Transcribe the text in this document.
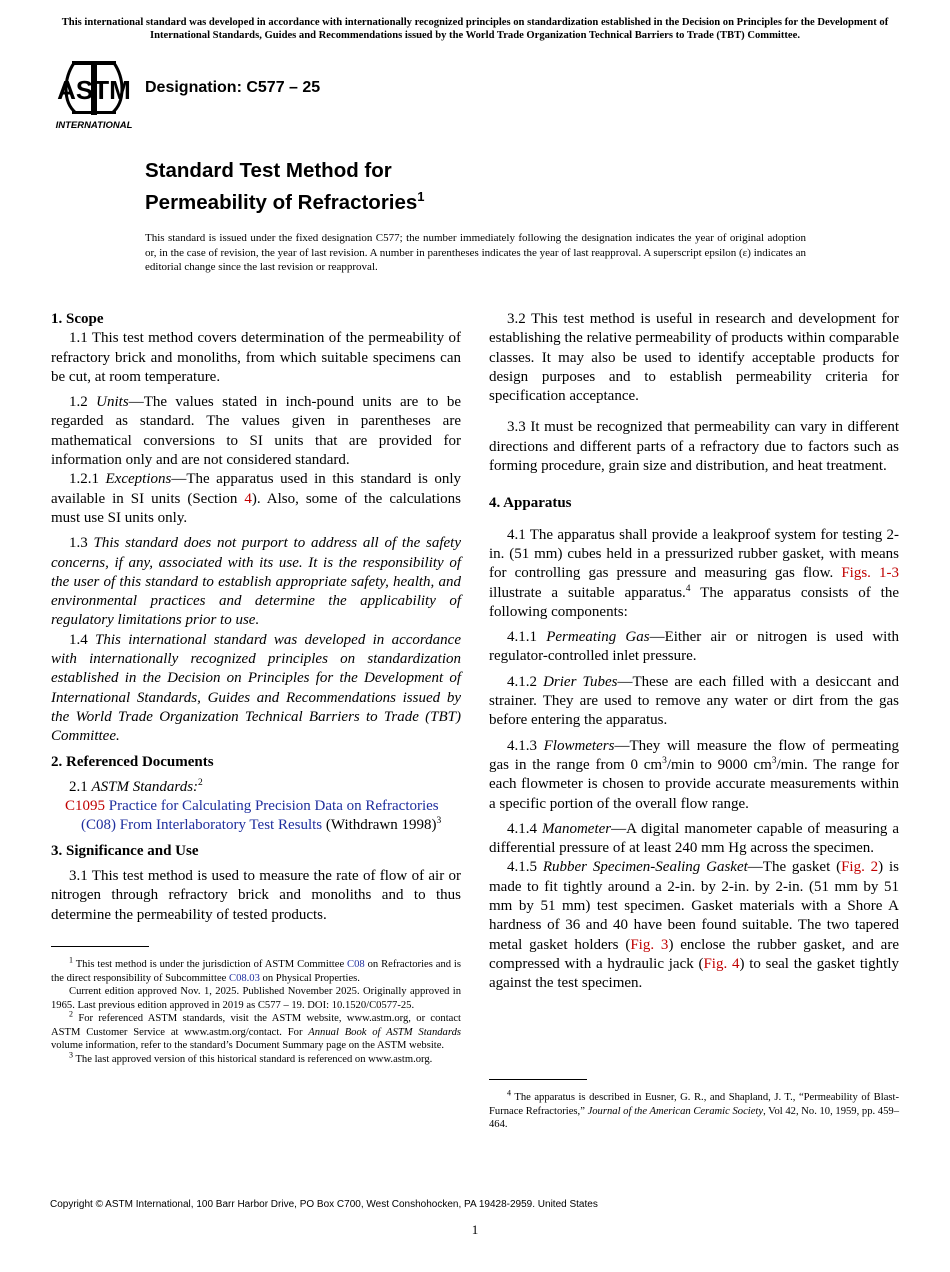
This international standard was developed in accordance with internationally recognized principles on standardization established in the Decision on Principles for the Development of International Standards, Guides and Recommendations issued by the World Trade Organization Technical Barriers to Trade (TBT) Committee.
ASTM
INTERNATIONAL
Designation: C577 – 25
Standard Test Method for
Permeability of Refractories$^1$
This standard is issued under the fixed designation C577; the number immediately following the designation indicates the year of original adoption or, in the case of revision, the year of last revision. A number in parentheses indicates the year of last reapproval. A superscript epsilon (ε) indicates an editorial change since the last revision or reapproval.
1. Scope

1.1 This test method covers determination of the permeability of refractory brick and monoliths, from which suitable specimens can be cut, at room temperature.

1.2 Units—The values stated in inch-pound units are to be regarded as standard. The values given in parentheses are mathematical conversions to SI units that are provided for information only and are not considered standard.

1.2.1 Exceptions—The apparatus used in this standard is only available in SI units (Section 4). Also, some of the calculations must use SI units only.

1.3 This standard does not purport to address all of the safety concerns, if any, associated with its use. It is the responsibility of the user of this standard to establish appropriate safety, health, and environmental practices and determine the applicability of regulatory limitations prior to use.

1.4 This international standard was developed in accordance with internationally recognized principles on standardization established in the Decision on Principles for the Development of International Standards, Guides and Recommendations issued by the World Trade Organization Technical Barriers to Trade (TBT) Committee.

2. Referenced Documents

2.1 ASTM Standards:$^2$

C1095 Practice for Calculating Precision Data on Refractories (C08) From Interlaboratory Test Results (Withdrawn 1998)$^3$

3. Significance and Use

3.1 This test method is used to measure the rate of flow of air or nitrogen through refractory brick and monoliths and to thus determine the permeability of tested products.

$^1$ This test method is under the jurisdiction of ASTM Committee C08 on Refractories and is the direct responsibility of Subcommittee C08.03 on Physical Properties.

Current edition approved Nov. 1, 2025. Published November 2025. Originally approved in 1965. Last previous edition approved in 2019 as C577 – 19. DOI: 10.1520/C0577-25.

$^2$ For referenced ASTM standards, visit the ASTM website, www.astm.org, or contact ASTM Customer Service at www.astm.org/contact. For Annual Book of ASTM Standards volume information, refer to the standard’s Document Summary page on the ASTM website.

$^3$ The last approved version of this historical standard is referenced on www.astm.org.

3.2 This test method is useful in research and development for establishing the relative permeability of products within comparable classes. It may also be used to identify acceptable products for design purposes and to establish permeability criteria for specification acceptance.

3.3 It must be recognized that permeability can vary in different directions and different parts of a refractory due to factors such as forming procedure, grain size and distribution, and heat treatment.

4. Apparatus

4.1 The apparatus shall provide a leakproof system for testing 2-in. (51 mm) cubes held in a pressurized rubber gasket, with means for controlling gas pressure and measuring gas flow. Figs. 1-3 illustrate a suitable apparatus.$^4$ The apparatus consists of the following components:

4.1.1 Permeating Gas—Either air or nitrogen is used with regulator-controlled inlet pressure.

4.1.2 Drier Tubes—These are each filled with a desiccant and strainer. They are used to remove any water or dirt from the gas before entering the apparatus.

4.1.3 Flowmeters—They will measure the flow of permeating gas in the range from 0 $cm^3/\min$ to 9000 $cm^3/\min$. The range for each flowmeter is chosen to provide accurate measurements within a specific portion of the overall flow range.

4.1.4 Manometer—A digital manometer capable of measuring a differential pressure of at least 240 mm Hg across the specimen.

4.1.5 Rubber Specimen-Sealing Gasket—The gasket (Fig. 2) is made to fit tightly around a 2-in. by 2-in. by 2-in. (51 mm by 51 mm by 51 mm) test specimen. Gasket materials with a Shore A hardness of 36 and 40 have been found suitable. The two tapered metal gasket holders (Fig. 3) enclose the rubber gasket, and are compressed with a hydraulic jack (Fig. 4) to seal the gasket tightly against the test specimen.

$^4$ The apparatus is described in Eusner, G. R., and Shapland, J. T., “Permeability of Blast-Furnace Refractories,” Journal of the American Ceramic Society, Vol 42, No. 10, 1959, pp. 459–464.

Copyright © ASTM International, 100 Barr Harbor Drive, PO Box C700, West Conshohocken, PA 19428-2959. United States
1
